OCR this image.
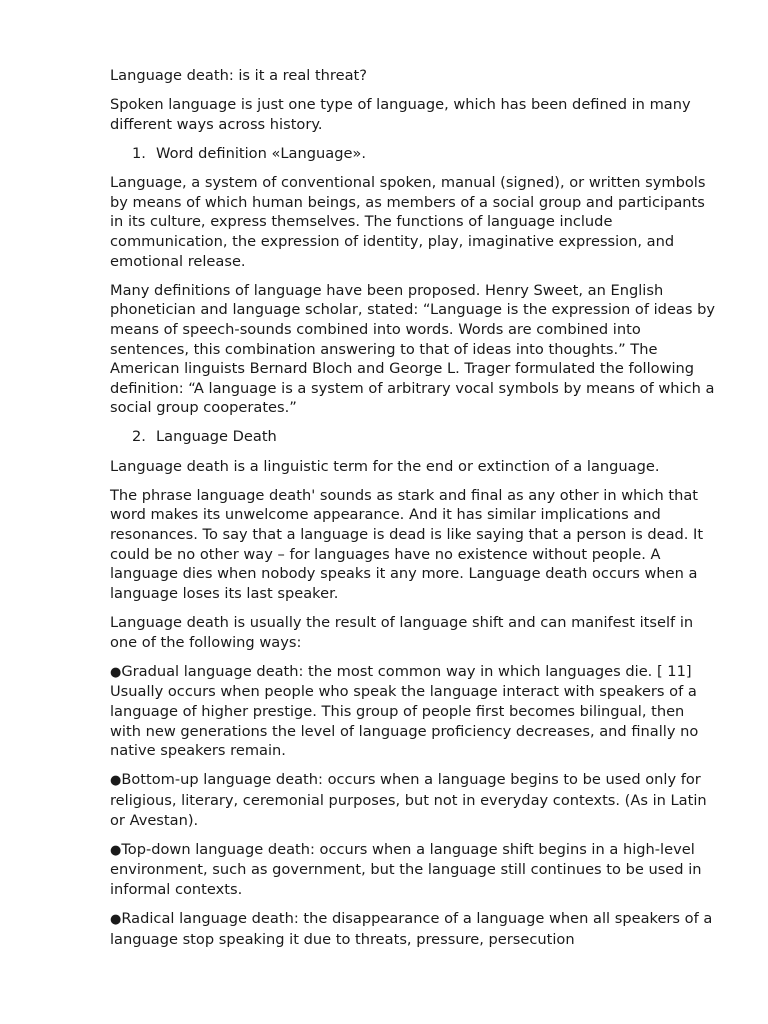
Language death: is it a real threat?

Spoken language is just one type of language, which has been defined in many different ways across history.

1. Word definition «Language».

Language, a system of conventional spoken, manual (signed), or written symbols by means of which human beings, as members of a social group and participants in its culture, express themselves. The functions of language include communication, the expression of identity, play, imaginative expression, and emotional release.

Many definitions of language have been proposed. Henry Sweet, an English phonetician and language scholar, stated: “Language is the expression of ideas by means of speech-sounds combined into words. Words are combined into sentences, this combination answering to that of ideas into thoughts.” The American linguists Bernard Bloch and George L. Trager formulated the following definition: “A language is a system of arbitrary vocal symbols by means of which a social group cooperates.”

2. Language Death

Language death is a linguistic term for the end or extinction of a language.

The phrase language death' sounds as stark and final as any other in which that word makes its unwelcome appearance. And it has similar implications and resonances. To say that a language is dead is like saying that a person is dead. It could be no other way – for languages have no existence without people. A language dies when nobody speaks it any more. Language death occurs when a language loses its last speaker.

Language death is usually the result of language shift and can manifest itself in one of the following ways:

●Gradual language death: the most common way in which languages die. [ 11] Usually occurs when people who speak the language interact with speakers of a language of higher prestige. This group of people first becomes bilingual, then with new generations the level of language proficiency decreases, and finally no native speakers remain.

●Bottom-up language death: occurs when a language begins to be used only for religious, literary, ceremonial purposes, but not in everyday contexts. (As in Latin or Avestan).

●Top-down language death: occurs when a language shift begins in a high-level environment, such as government, but the language still continues to be used in informal contexts.

●Radical language death: the disappearance of a language when all speakers of a language stop speaking it due to threats, pressure, persecution
